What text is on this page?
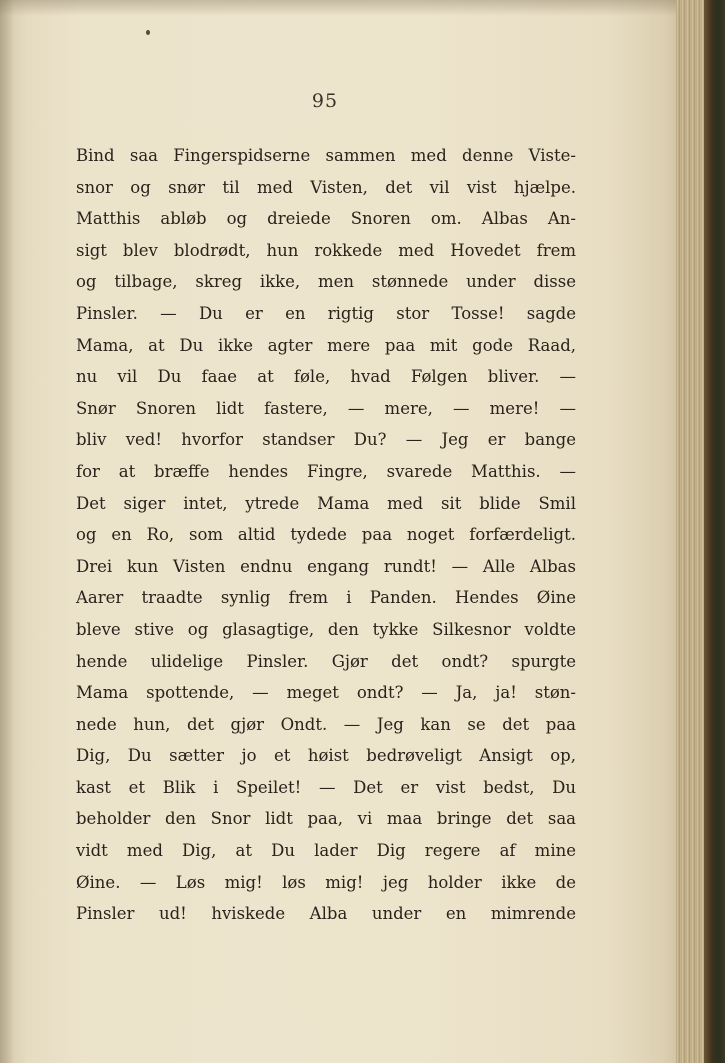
95
Bind saa Fingerspidserne sammen med denne Viste-
snor og snør til med Visten, det vil vist hjælpe.
Matthis abløb og dreiede Snoren om. Albas An-
sigt blev blodrødt, hun rokkede med Hovedet frem
og tilbage, skreg ikke, men stønnede under disse
Pinsler. — Du er en rigtig stor Tosse! sagde
Mama, at Du ikke agter mere paa mit gode Raad,
nu vil Du faae at føle, hvad Følgen bliver. —
Snør Snoren lidt fastere, — mere, — mere! —
bliv ved! hvorfor standser Du? — Jeg er bange
for at bræffe hendes Fingre, svarede Matthis. —
Det siger intet, ytrede Mama med sit blide Smil
og en Ro, som altid tydede paa noget forfærdeligt.
Drei kun Visten endnu engang rundt! — Alle Albas
Aarer traadte synlig frem i Panden. Hendes Øine
bleve stive og glasagtige, den tykke Silkesnor voldte
hende ulidelige Pinsler. Gjør det ondt? spurgte
Mama spottende, — meget ondt? — Ja, ja! støn-
nede hun, det gjør Ondt. — Jeg kan se det paa
Dig, Du sætter jo et høist bedrøveligt Ansigt op,
kast et Blik i Speilet! — Det er vist bedst, Du
beholder den Snor lidt paa, vi maa bringe det saa
vidt med Dig, at Du lader Dig regere af mine
Øine. — Løs mig! løs mig! jeg holder ikke de
Pinsler ud! hviskede Alba under en mimrende
